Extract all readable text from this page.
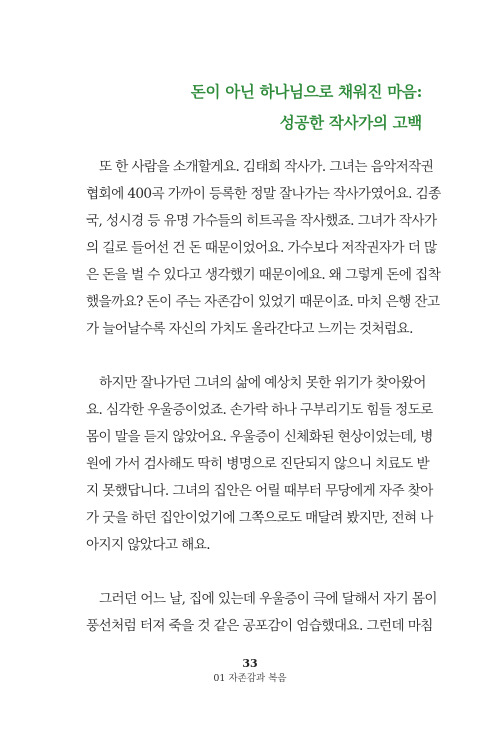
돈이 아닌 하나님으로 채워진 마음:
성공한 작사가의 고백

또 한 사람을 소개할게요. 김태희 작사가. 그녀는 음악저작권
협회에 400곡 가까이 등록한 정말 잘나가는 작사가였어요. 김종
국, 성시경 등 유명 가수들의 히트곡을 작사했죠. 그녀가 작사가
의 길로 들어선 건 돈 때문이었어요. 가수보다 저작권자가 더 많
은 돈을 벌 수 있다고 생각했기 때문이에요. 왜 그렇게 돈에 집착
했을까요? 돈이 주는 자존감이 있었기 때문이죠. 마치 은행 잔고
가 늘어날수록 자신의 가치도 올라간다고 느끼는 것처럼요.

하지만 잘나가던 그녀의 삶에 예상치 못한 위기가 찾아왔어
요. 심각한 우울증이었죠. 손가락 하나 구부리기도 힘들 정도로
몸이 말을 듣지 않았어요. 우울증이 신체화된 현상이었는데, 병
원에 가서 검사해도 딱히 병명으로 진단되지 않으니 치료도 받
지 못했답니다. 그녀의 집안은 어릴 때부터 무당에게 자주 찾아
가 굿을 하던 집안이었기에 그쪽으로도 매달려 봤지만, 전혀 나
아지지 않았다고 해요.

그러던 어느 날, 집에 있는데 우울증이 극에 달해서 자기 몸이
풍선처럼 터져 죽을 것 같은 공포감이 엄습했대요. 그런데 마침

33
01 자존감과 복음
